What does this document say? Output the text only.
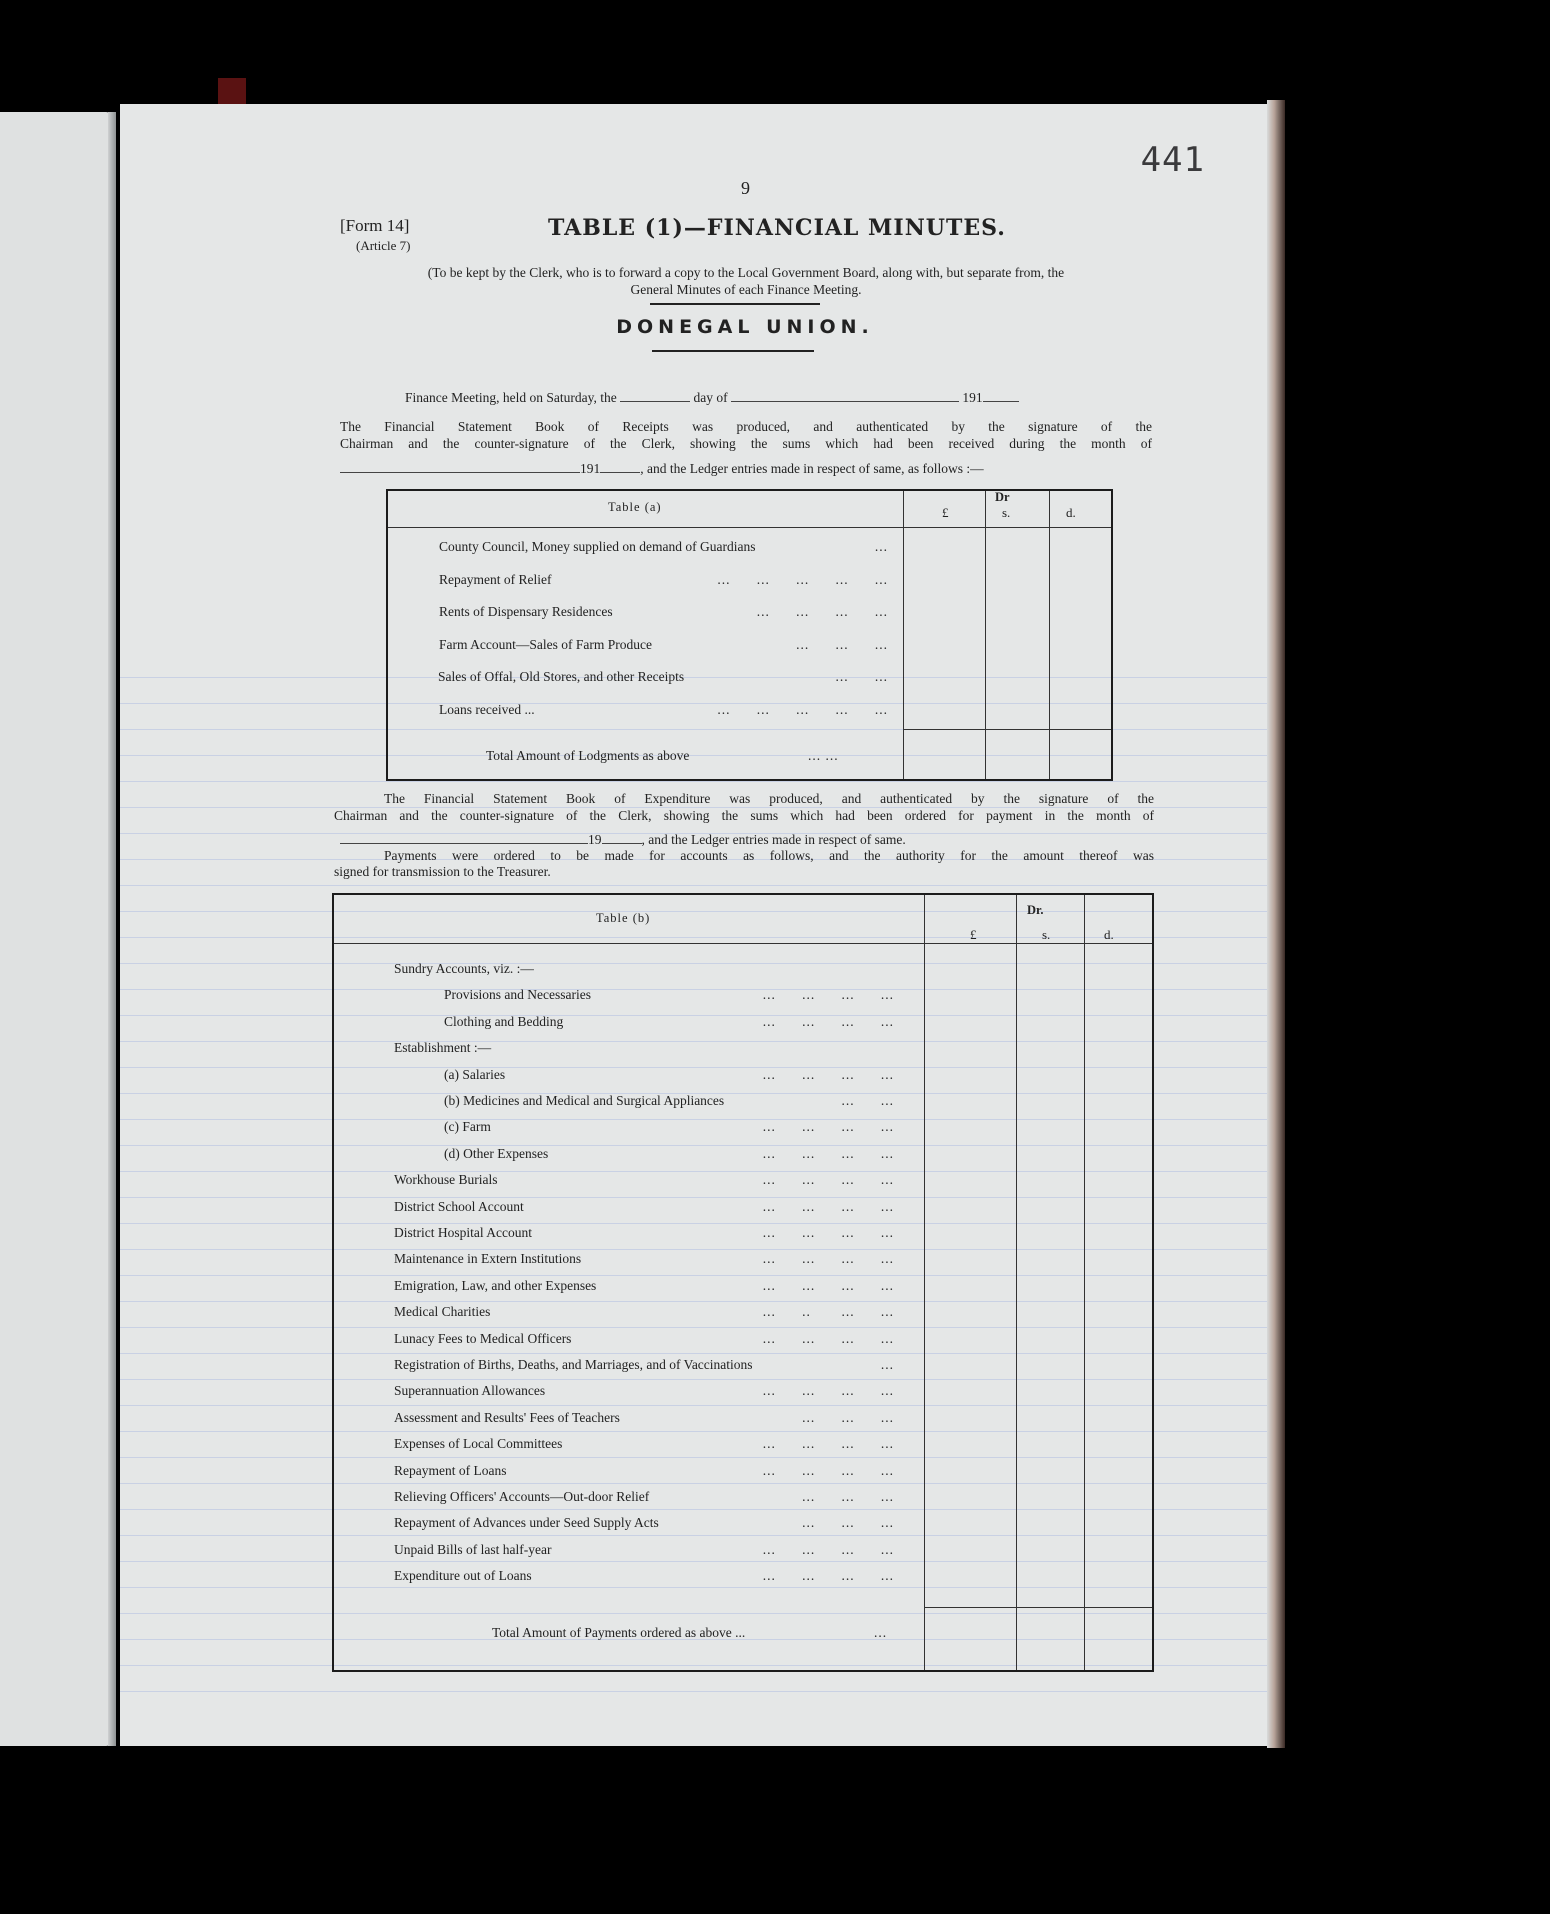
441
9
[Form 14]
(Article 7)
TABLE (1)—FINANCIAL MINUTES.
(To be kept by the Clerk, who is to forward a copy to the Local Government Board, along with, but separate from, the
General Minutes of each Finance Meeting.
DONEGAL UNION.
Finance Meeting, held on Saturday, the	day of	191
The Financial Statement Book of Receipts was produced, and authenticated by the signature of the
Chairman and the counter-signature of the Clerk, showing the sums which had been received during the month of
191	, and the Ledger entries made in respect of same, as follows :—
Table (a)
Dr
£	s.	d.
County Council, Money supplied on demand of Guardians	...
Repayment of Relief	...      ...      ...      ...      ...
Rents of Dispensary Residences	...      ...      ...      ...
Farm Account—Sales of Farm Produce	...      ...      ...
Sales of Offal, Old Stores, and other Receipts	...      ...
Loans received ...	...      ...      ...      ...      ...
Total Amount of Lodgments as above	... ...
The Financial Statement Book of Expenditure was produced, and authenticated by the signature of the
Chairman and the counter-signature of the Clerk, showing the sums which had been ordered for payment in the month of
19	, and the Ledger entries made in respect of same.
Payments were ordered to be made for accounts as follows, and the authority for the amount thereof was
signed for transmission to the Treasurer.
Table (b)
Dr.
£	s.	d.
Sundry Accounts, viz. :—
Provisions and Necessaries	...      ...      ...      ...
Clothing and Bedding	...      ...      ...      ...
Establishment :—
(a) Salaries	...      ...      ...      ...
(b) Medicines and Medical and Surgical Appliances	...      ...
(c) Farm	...      ...      ...      ...
(d) Other Expenses	...      ...      ...      ...
Workhouse Burials	...      ...      ...      ...
District School Account	...      ...      ...      ...
District Hospital Account	...      ...      ...      ...
Maintenance in Extern Institutions	...      ...      ...      ...
Emigration, Law, and other Expenses	...      ...      ...      ...
Medical Charities	...      ..       ...      ...
Lunacy Fees to Medical Officers	...      ...      ...      ...
Registration of Births, Deaths, and Marriages, and of Vaccinations	...
Superannuation Allowances	...      ...      ...      ...
Assessment and Results' Fees of Teachers	...      ...      ...
Expenses of Local Committees	...      ...      ...      ...
Repayment of Loans	...      ...      ...      ...
Relieving Officers' Accounts—Out-door Relief	...      ...      ...
Repayment of Advances under Seed Supply Acts	...      ...      ...
Unpaid Bills of last half-year	...      ...      ...      ...
Expenditure out of Loans	...      ...      ...      ...
Total Amount of Payments ordered as above ...	...
